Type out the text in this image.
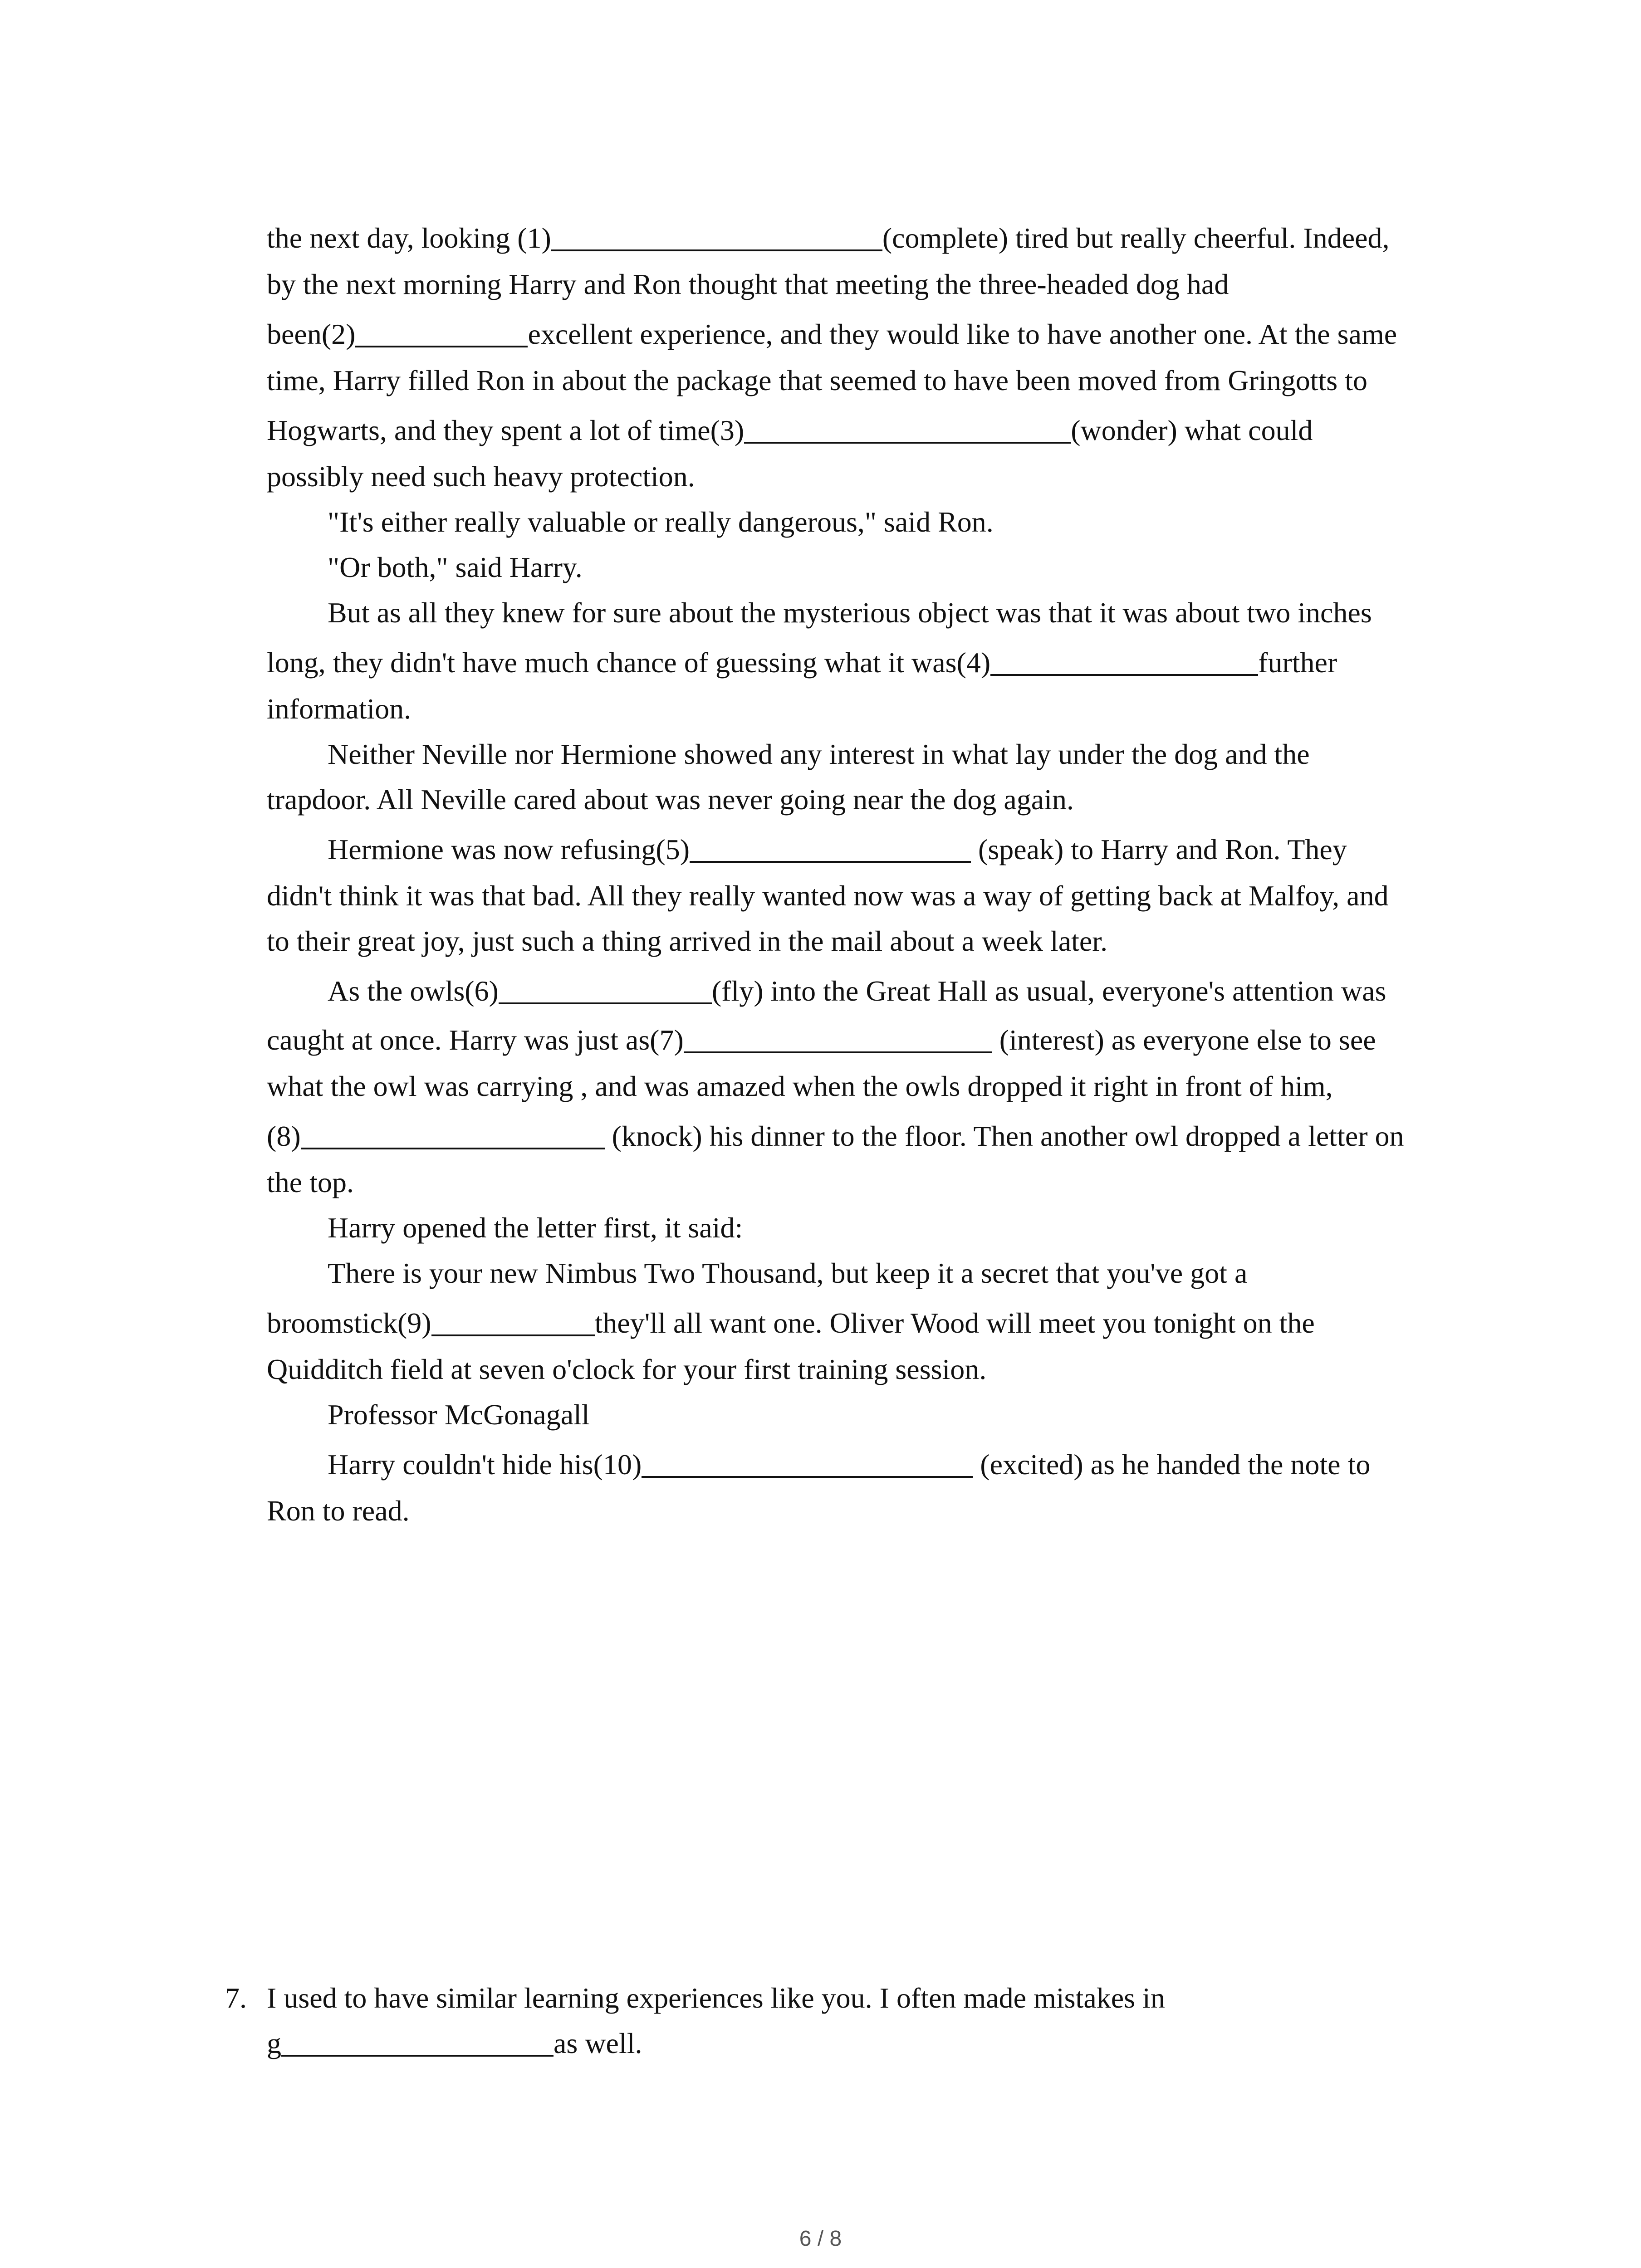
the next day, looking (1)	(complete) tired but really cheerful. Indeed,
by the next morning Harry and Ron thought that meeting the three-headed dog had
been(2)	excellent experience, and they would like to have another one. At the same
time, Harry filled Ron in about the package that seemed to have been moved from Gringotts to
Hogwarts, and they spent a lot of time(3)	(wonder) what could
possibly need such heavy protection.
"It's either really valuable or really dangerous," said Ron.
"Or both," said Harry.
But as all they knew for sure about the mysterious object was that it was about two inches
long, they didn't have much chance of guessing what it was(4)	further
information.
Neither Neville nor Hermione showed any interest in what lay under the dog and the
trapdoor. All Neville cared about was never going near the dog again.
Hermione was now refusing(5)	(speak) to Harry and Ron. They
didn't think it was that bad. All they really wanted now was a way of getting back at Malfoy, and
to their great joy, just such a thing arrived in the mail about a week later.
As the owls(6)	(fly) into the Great Hall as usual, everyone's attention was
caught at once. Harry was just as(7)	(interest) as everyone else to see
what the owl was carrying , and was amazed when the owls dropped it right in front of him,
(8)	(knock) his dinner to the floor. Then another owl dropped a letter on
the top.
Harry opened the letter first, it said:
There is your new Nimbus Two Thousand, but keep it a secret that you've got a
broomstick(9)	they'll all want one. Oliver Wood will meet you tonight on the
Quidditch field at seven o'clock for your first training session.
Professor McGonagall
Harry couldn't hide his(10)	(excited) as he handed the note to
Ron to read.
7. I used to have similar learning experiences like you. I often made mistakes in
g	as well.
6 / 8
